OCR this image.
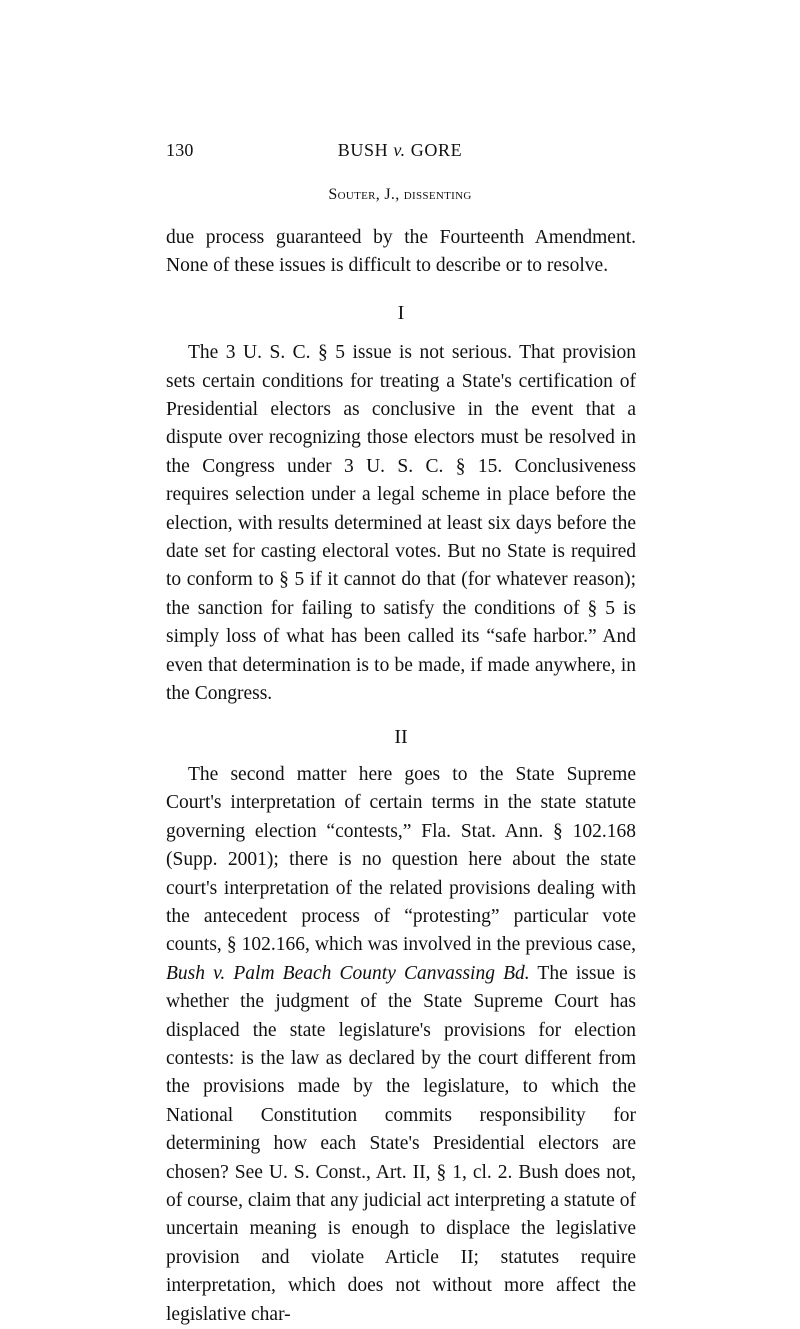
130	BUSH v. GORE
Souter, J., dissenting

due process guaranteed by the Fourteenth Amendment. None of these issues is difficult to describe or to resolve.

I

The 3 U. S. C. § 5 issue is not serious. That provision sets certain conditions for treating a State's certification of Presidential electors as conclusive in the event that a dispute over recognizing those electors must be resolved in the Congress under 3 U. S. C. § 15. Conclusiveness requires selection under a legal scheme in place before the election, with results determined at least six days before the date set for casting electoral votes. But no State is required to conform to § 5 if it cannot do that (for whatever reason); the sanction for failing to satisfy the conditions of § 5 is simply loss of what has been called its “safe harbor.” And even that determination is to be made, if made anywhere, in the Congress.

II

The second matter here goes to the State Supreme Court's interpretation of certain terms in the state statute governing election “contests,” Fla. Stat. Ann. § 102.168 (Supp. 2001); there is no question here about the state court's interpretation of the related provisions dealing with the antecedent process of “protesting” particular vote counts, § 102.166, which was involved in the previous case, Bush v. Palm Beach County Canvassing Bd. The issue is whether the judgment of the State Supreme Court has displaced the state legislature's provisions for election contests: is the law as declared by the court different from the provisions made by the legislature, to which the National Constitution commits responsibility for determining how each State's Presidential electors are chosen? See U. S. Const., Art. II, § 1, cl. 2. Bush does not, of course, claim that any judicial act interpreting a statute of uncertain meaning is enough to displace the legislative provision and violate Article II; statutes require interpretation, which does not without more affect the legislative char-
